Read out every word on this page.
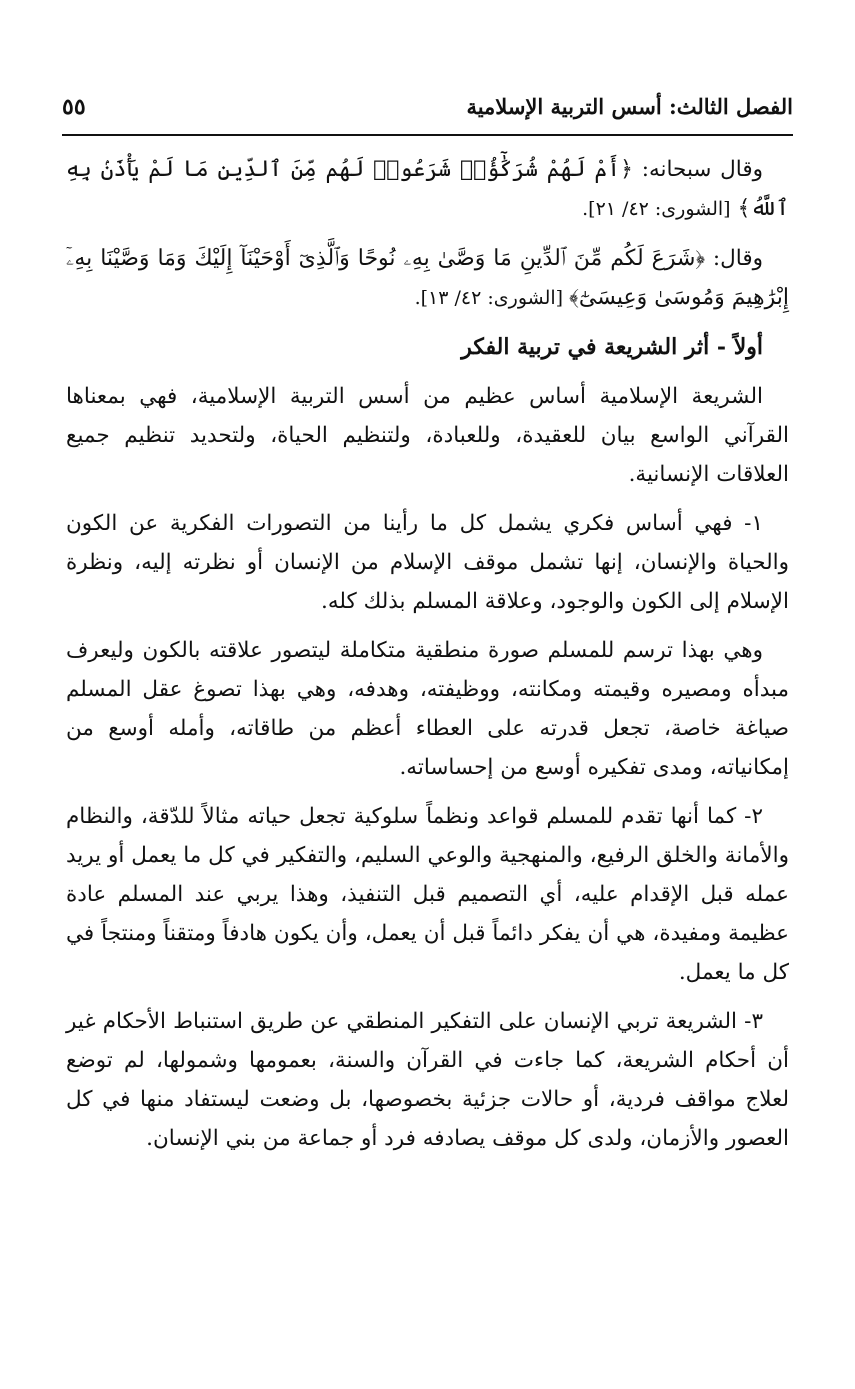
الفصل الثالث: أسس التربية الإسلامية
٥٥
وقال سبحانه: ﴿أَمْ لَهُمْ شُرَكَٰٓؤُا۟ شَرَعُوا۟ لَهُم مِّنَ ٱلدِّينِ مَا لَمْ يَأْذَنۢ بِهِ ٱللَّهُ﴾ [الشورى: ٤٢/ ٢١].
وقال: ﴿شَرَعَ لَكُم مِّنَ ٱلدِّينِ مَا وَصَّىٰ بِهِۦ نُوحًا وَٱلَّذِىٓ أَوْحَيْنَآ إِلَيْكَ وَمَا وَصَّيْنَا بِهِۦٓ إِبْرَٰهِيمَ وَمُوسَىٰ وَعِيسَىٰٓ﴾ [الشورى: ٤٢/ ١٣].
أولاً - أثر الشريعة في تربية الفكر
الشريعة الإسلامية أساس عظيم من أسس التربية الإسلامية، فهي بمعناها القرآني الواسع بيان للعقيدة، وللعبادة، ولتنظيم الحياة، ولتحديد تنظيم جميع العلاقات الإنسانية.
١- فهي أساس فكري يشمل كل ما رأينا من التصورات الفكرية عن الكون والحياة والإنسان، إنها تشمل موقف الإسلام من الإنسان أو نظرته إليه، ونظرة الإسلام إلى الكون والوجود، وعلاقة المسلم بذلك كله.
وهي بهذا ترسم للمسلم صورة منطقية متكاملة ليتصور علاقته بالكون وليعرف مبدأه ومصيره وقيمته ومكانته، ووظيفته، وهدفه، وهي بهذا تصوغ عقل المسلم صياغة خاصة، تجعل قدرته على العطاء أعظم من طاقاته، وأمله أوسع من إمكانياته، ومدى تفكيره أوسع من إحساساته.
٢- كما أنها تقدم للمسلم قواعد ونظماً سلوكية تجعل حياته مثالاً للدّقة، والنظام والأمانة والخلق الرفيع، والمنهجية والوعي السليم، والتفكير في كل ما يعمل أو يريد عمله قبل الإقدام عليه، أي التصميم قبل التنفيذ، وهذا يربي عند المسلم عادة عظيمة ومفيدة، هي أن يفكر دائماً قبل أن يعمل، وأن يكون هادفاً ومتقناً ومنتجاً في كل ما يعمل.
٣- الشريعة تربي الإنسان على التفكير المنطقي عن طريق استنباط الأحكام غير أن أحكام الشريعة، كما جاءت في القرآن والسنة، بعمومها وشمولها، لم توضع لعلاج مواقف فردية، أو حالات جزئية بخصوصها، بل وضعت ليستفاد منها في كل العصور والأزمان، ولدى كل موقف يصادفه فرد أو جماعة من بني الإنسان.
